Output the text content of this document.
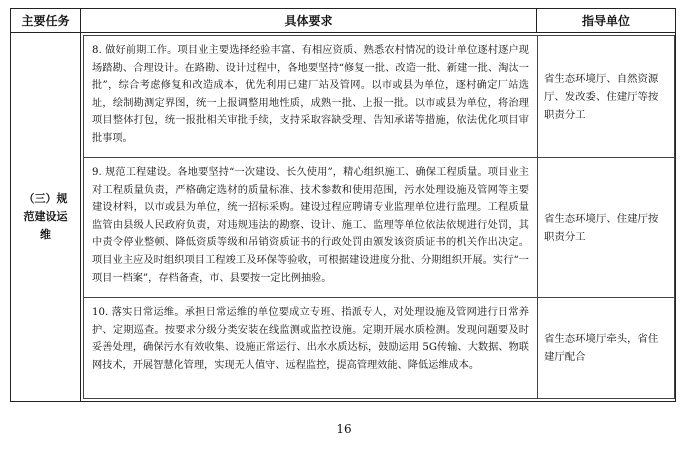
主要任务	具体要求	指导单位
（三）规范建设运维
8. 做好前期工作。项目业主要选择经验丰富、有相应资质、熟悉农村情况的设计单位逐村逐户现场踏勘、合理设计。在路勘、设计过程中，各地要坚持“修复一批、改造一批、新建一批、淘汰一批”，综合考虑修复和改造成本，优先利用已建厂站及管网。以市或县为单位，逐村确定厂站选址，绘制勘测定界图，统一上报调整用地性质，成熟一批、上报一批。以市或县为单位，将治理项目整体打包，统一报批相关审批手续，支持采取容缺受理、告知承诺等措施，依法优化项目审批事项。
省生态环境厅、自然资源厅、发改委、住建厅等按职责分工
9. 规范工程建设。各地要坚持“一次建设、长久使用”，精心组织施工、确保工程质量。项目业主对工程质量负责，严格确定选材的质量标准、技术参数和使用范围，污水处理设施及管网等主要建设材料，以市或县为单位，统一招标采购。建设过程应聘请专业监理单位进行监理。工程质量监管由县级人民政府负责，对违规违法的勘察、设计、施工、监理等单位依法依规进行处罚，其中责令停业整顿、降低资质等级和吊销资质证书的行政处罚由颁发该资质证书的机关作出决定。项目业主应及时组织项目工程竣工及环保等验收，可根据建设进度分批、分期组织开展。实行“一项目一档案”，存档备查，市、县要按一定比例抽验。
省生态环境厅、住建厅按职责分工
10. 落实日常运维。承担日常运维的单位要成立专班、指派专人，对处理设施及管网进行日常养护、定期巡查。按要求分级分类安装在线监测或监控设施。定期开展水质检测。发现问题要及时妥善处理，确保污水有效收集、设施正常运行、出水水质达标，鼓励运用 5G传输、大数据、物联网技术，开展智慧化管理，实现无人值守、远程监控，提高管理效能、降低运维成本。
省生态环境厅牵头，省住建厅配合
16
